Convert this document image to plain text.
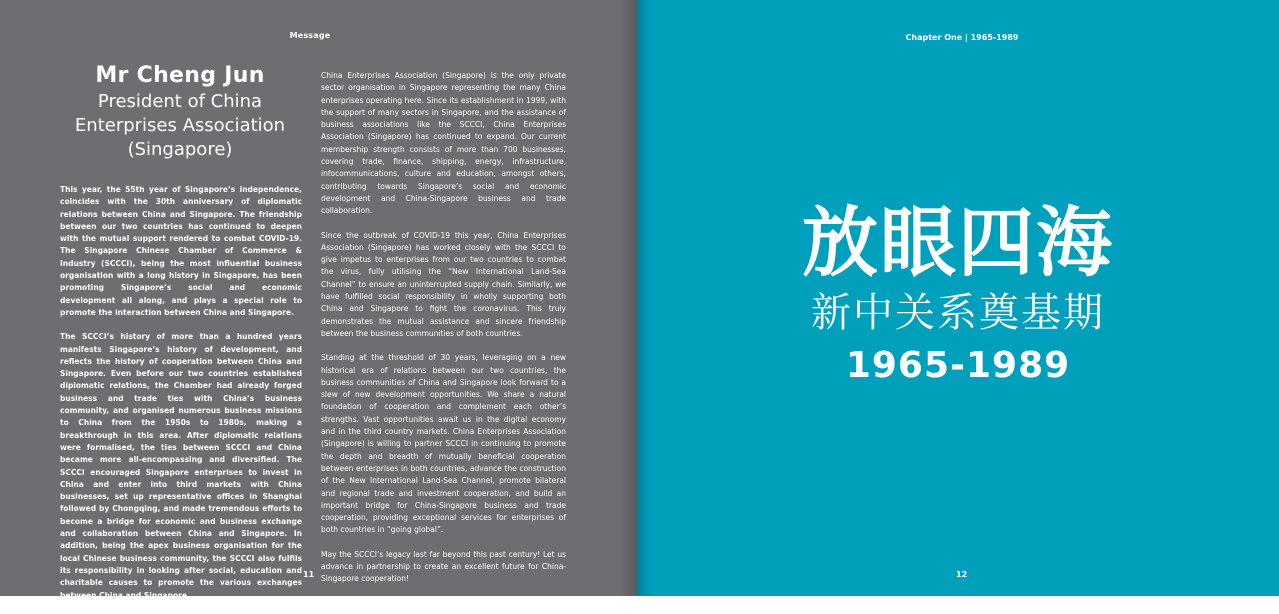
Message
Mr Cheng Jun
President of China
Enterprises Association
(Singapore)

This year, the 55th year of Singapore’s independence, coincides with the 30th anniversary of diplomatic relations between China and Singapore. The friendship between our two countries has continued to deepen with the mutual support rendered to combat COVID-19. The Singapore Chinese Chamber of Commerce & Industry (SCCCI), being the most influential business organisation with a long history in Singapore, has been promoting Singapore’s social and economic development all along, and plays a special role to promote the interaction between China and Singapore.

The SCCCI’s history of more than a hundred years manifests Singapore’s history of development, and reflects the history of cooperation between China and Singapore. Even before our two countries established diplomatic relations, the Chamber had already forged business and trade ties with China’s business community, and organised numerous business missions to China from the 1950s to 1980s, making a breakthrough in this area. After diplomatic relations were formalised, the ties between SCCCI and China became more all-encompassing and diversified. The SCCCI encouraged Singapore enterprises to invest in China and enter into third markets with China businesses, set up representative offices in Shanghai followed by Chongqing, and made tremendous efforts to become a bridge for economic and business exchange and collaboration between China and Singapore. In addition, being the apex business organisation for the local Chinese business community, the SCCCI also fulfils its responsibility in looking after social, education and charitable causes to promote the various exchanges between China and Singapore.

China Enterprises Association (Singapore) is the only private sector organisation in Singapore representing the many China enterprises operating here. Since its establishment in 1999, with the support of many sectors in Singapore, and the assistance of business associations like the SCCCI, China Enterprises Association (Singapore) has continued to expand. Our current membership strength consists of more than 700 businesses, covering trade, finance, shipping, energy, infrastructure, infocommunications, culture and education, amongst others, contributing towards Singapore’s social and economic development and China-Singapore business and trade collaboration.

Since the outbreak of COVID-19 this year, China Enterprises Association (Singapore) has worked closely with the SCCCI to give impetus to enterprises from our two countries to combat the virus, fully utilising the “New International Land-Sea Channel” to ensure an uninterrupted supply chain. Similarly, we have fulfilled social responsibility in wholly supporting both China and Singapore to fight the coronavirus. This truly demonstrates the mutual assistance and sincere friendship between the business communities of both countries.

Standing at the threshold of 30 years, leveraging on a new historical era of relations between our two countries, the business communities of China and Singapore look forward to a slew of new development opportunities. We share a natural foundation of cooperation and complement each other’s strengths. Vast opportunities await us in the digital economy and in the third country markets. China Enterprises Association (Singapore) is willing to partner SCCCI in continuing to promote the depth and breadth of mutually beneficial cooperation between enterprises in both countries, advance the construction of the New International Land-Sea Channel, promote bilateral and regional trade and investment cooperation, and build an important bridge for China-Singapore business and trade cooperation, providing exceptional services for enterprises of both countries in “going global”.

May the SCCCI’s legacy last far beyond this past century! Let us advance in partnership to create an excellent future for China-Singapore cooperation!

11
Chapter One | 1965-1989
放眼四海
新中关系奠基期
1965-1989
12
